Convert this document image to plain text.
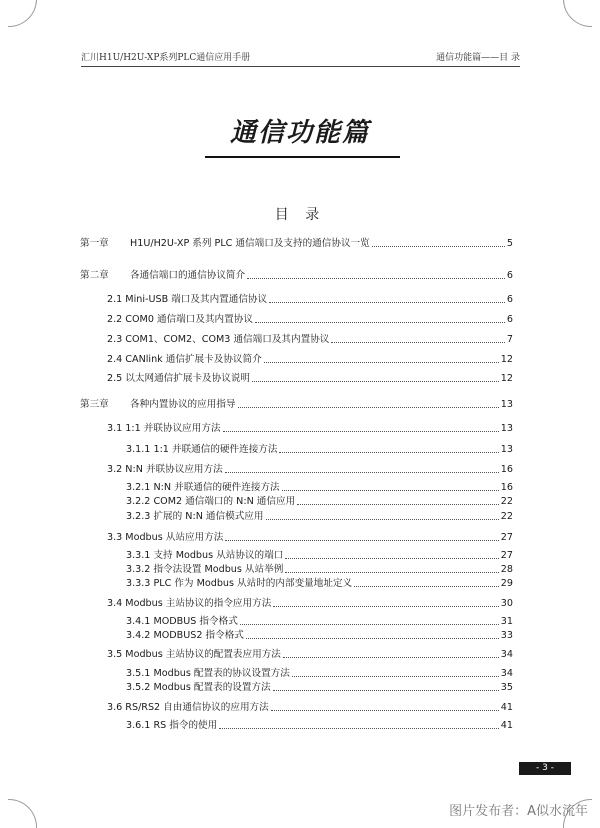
汇川H1U/H2U-XP系列PLC通信应用手册	通信功能篇——目 录
通信功能篇
目 录
第一章 H1U/H2U-XP 系列 PLC 通信端口及支持的通信协议一览	5
第二章 各通信端口的通信协议简介	6
2.1 Mini-USB 端口及其内置通信协议	6
2.2 COM0 通信端口及其内置协议	6
2.3 COM1、COM2、COM3 通信端口及其内置协议	7
2.4 CANlink 通信扩展卡及协议简介	12
2.5 以太网通信扩展卡及协议说明	12
第三章 各种内置协议的应用指导	13
3.1 1:1 并联协议应用方法	13
3.1.1 1:1 并联通信的硬件连接方法	13
3.2 N:N 并联协议应用方法	16
3.2.1 N:N 并联通信的硬件连接方法	16
3.2.2 COM2 通信端口的 N:N 通信应用	22
3.2.3 扩展的 N:N 通信模式应用	22
3.3 Modbus 从站应用方法	27
3.3.1 支持 Modbus 从站协议的端口	27
3.3.2 指令法设置 Modbus 从站举例	28
3.3.3 PLC 作为 Modbus 从站时的内部变量地址定义	29
3.4 Modbus 主站协议的指令应用方法	30
3.4.1 MODBUS 指令格式	31
3.4.2 MODBUS2 指令格式	33
3.5 Modbus 主站协议的配置表应用方法	34
3.5.1 Modbus 配置表的协议设置方法	34
3.5.2 Modbus 配置表的设置方法	35
3.6 RS/RS2 自由通信协议的应用方法	41
3.6.1 RS 指令的使用	41
- 3 -
图片发布者：A似水流年
